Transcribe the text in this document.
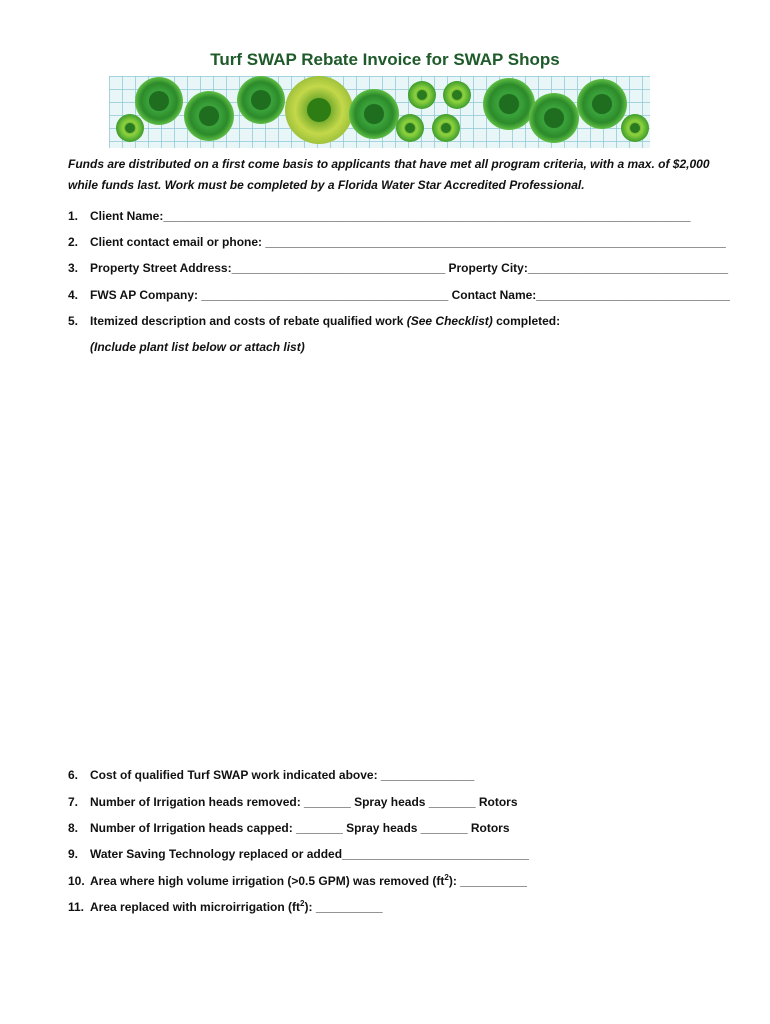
Turf SWAP Rebate Invoice for SWAP Shops
Funds are distributed on a first come basis to applicants that have met all program criteria, with a max. of $2,000 while funds last. Work must be completed by a Florida Water Star Accredited Professional.
1. Client Name:_______________________________________________________________________________
2. Client contact email or phone: _____________________________________________________________________
3. Property Street Address:________________________________ Property City:______________________________
4. FWS AP Company: _____________________________________ Contact Name:_____________________________
5. Itemized description and costs of rebate qualified work (See Checklist) completed:
(Include plant list below or attach list)
6. Cost of qualified Turf SWAP work indicated above: ______________
7. Number of Irrigation heads removed: _______ Spray heads _______ Rotors
8. Number of Irrigation heads capped: _______ Spray heads _______ Rotors
9. Water Saving Technology replaced or added____________________________
10. Area where high volume irrigation (>0.5 GPM) was removed $(ft^2)$: __________
11. Area replaced with microirrigation $(ft^2)$: __________
